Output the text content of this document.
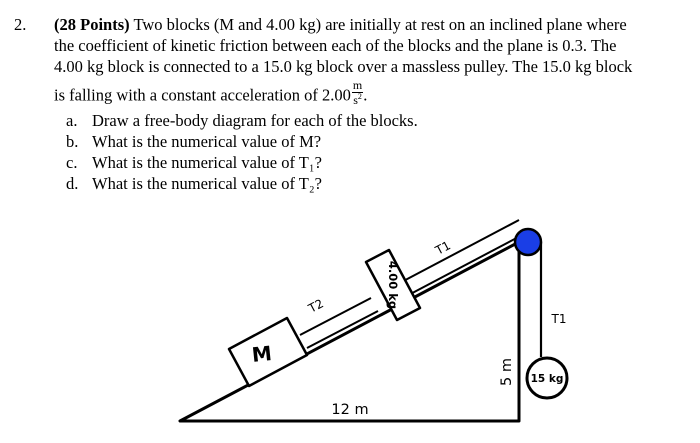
2. (28 Points) Two blocks (M and 4.00 kg) are initially at rest on an inclined plane where
the coefficient of kinetic friction between each of the blocks and the plane is 0.3. The
4.00 kg block is connected to a 15.0 kg block over a massless pulley. The 15.0 kg block
is falling with a constant acceleration of $2.00 \frac{m}{s^2}$ .
a. Draw a free-body diagram for each of the blocks.
b. What is the numerical value of M?
c. What is the numerical value of T₁?
d. What is the numerical value of T₂?
M
4.00 kg
15 kg
T2
T1
T1
12 m
5 m
